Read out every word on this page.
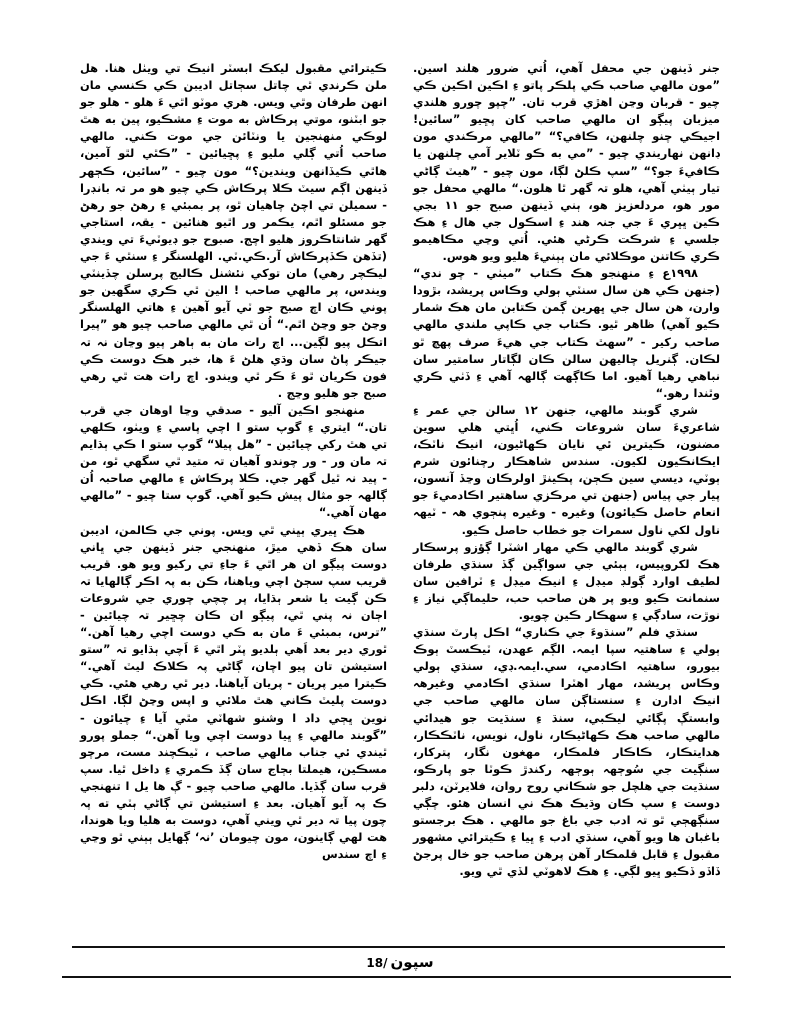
ڪيترائي مقبول ليکڪ ابسٽر انيڪ تي ويٺل هنا. هل ملن ڪرندي ٿي چاتل سڄاتل اديبن ڪي ڪنسي مان انهن طرفان وٿي ويس. هري موٽو اٿي ءَ هلو - هلو جو جو ابٽنو، موتي پرڪاش به موت ءِ مشڪيو، پين به هٿ لوڪي منهنجين يا ونٽائن جي موت ڪني. مالهي صاحب اُتي ڳلي مليو ءِ پڇيائين - ”ڪٿي لٿو آمين، هاٿي ڪيڏانهن ويندين؟“ مون چيو - ”سائين، ڪڄهر ڏينهن اڳم سيٽ ڪلا پرڪاش ڪي چيو هو مر تہ بانڊرا - سميلن تي اچڻ چاهيان ٿو، پر بمبئي ءِ رهڻ جو رهڻ جو مسئلو اٿم، يڪمر ور اٿيو هنائين - يقہ، استاجي گهر شانتاڪروز هليو اچج. صبوح جو ڊيوٽيءَ تي ويندي (تڏهن ڪڏپرڪاش آر.ڪي.ٽي. الهلسنگر ءِ سنٿي ءَ جي ليڪچر رهي) مان توکي نئشنل ڪاليج پرسلن چڏينٽي ويندس، پر مالهي صاحب ! الين ٿي ڪري سگهين جو پوني ڪان اچ صبح جو ٽي آيو آهين ءِ هاتي الهلسنگر وڃڻ جو وڃڻ اٿم.“ اُن ٿي مالهي صاحب چيو هو ”پيرا اتڪل پيو لڳين... اچ رات مان به ٻاهر پيو وڃان نہ تہ جيڪر پاڻ سان وڌي هلڻ ءَ ها، خبر هڪ دوست ڪي فون ڪريان ٿو ءَ ڪر ٿي ويندو. اچ رات هت ٿي رهي صبح جو هليو وڃج .

منهنجو اڪين آليو - صدقي وڃا اوهان جي قرب تان.“ ايتري ءِ گوپ ستو ا اچي پاسي ءِ ويٺو، ڪلهي تي هٿ رکي چيائين - ”هل پيلا“ گوپ ستو ا ڪي ٻڌايم تہ مان ور - ور چوندو آهيان تہ متيد ٿي سگهي ٿو، من - پيد نہ ٿيل گهر جي. ڪلا پرڪاش ءِ مالهي صاحبہ اُن ڳالهہ جو مثال پيش ڪيو آهي. گوپ ستا چيو - ”مالهي مهان آهي.“

هڪ ڀيري ٻڀني ٿي ويس. پوني جي ڪالمن، اديبن سان هڪ ڏهي ميڙ، منهنجي جنر ڏينهن جي ڀاني دوست پيڳو ان هر اٿي ءَ جاءِ تي رکيو ويو هو. قريب قريب سپ سڄڻ اچي وياهنا، ڪن به پہ اڪر ڳالهايا تہ ڪن ڳيت يا شعر ٻڌايا، پر چچي چوري جي شروعات اڄان نہ پني ٿي، پيڳو ان ڪان چڇير تہ چيائين - ”ترس، بمبئي ءَ مان به ڪي دوست اچي رهيا آهن.“ ٿوري دير بعد اَهي ٻلديو پٽر اٿي ءَ اَچي ٻڌايو تہ ”ستو استيشن تان پيو اچان، ڳاڻي پہ ڪلاڪ ليٽ آهي.“ ڪيترا مير پريان - پريان آياهنا. دير ٿي رهي هئي. ڪي دوست پليٽ ڪاني هٿ ملائي و اپس وڃڻ لڳا. اڪل نوين ڀڄي داد ا وشنو شهاٽي مٿي آيا ءِ چيائون - ”گوبند مالهي ءِ ڀيا دوست اچي ويا آهن.“ جملو پورو ٿيندي ئي جناب مالهي صاحب ، ٽيڪچند مست، مرچو مسڪين، هيملتا بڄاج سان ڳڏ ڪمري ءِ داخل ٿيا. سپ قرب سان ڳڏيا. مالهي صاحب چيو - ڳ ها يل ا تنهنجي ڪ پہ آيو آهيان. بعد ءِ استيشن تي ڳاڻي ٻٽي ته پہ چون پيا تہ دير ٿي ويني آهي، دوست به هليا ويا هوندا، هت لهي ڳاينون، مون چيومان ’نہ‘ ڳهايل ٻٻني ٿو وڃي ءِ اچ سندس

جنر ڏينهن جي محفل آهي، اُتي ضرور هلند اسين. ”مون مالهي صاحب ڪي پلڪر پاتو ءِ اڪين اڪين ڪي چيو - قربان وڃن اهڙي قرب تان. ”چپو چورو هلندي ميزبان پيڳو ان مالهي صاحب کان پڇيو ”سائين! اجيڪي چنو چلنهن، ڪافي؟“ ”مالهي مرڪندي مون ڊانهن نهاريندي چيو - ”مي به ڪو ٽلاير آمي چلنهن يا ڪافيءَ جو؟“ ”سپ ڪلڻ لڳا، مون چيو - ”هيٽ ڳاڻي تيار ٻيٺي آهي، هلو تہ گهر ٿا هلون.“ مالهي محفل جو مور هو، مردلعزيز هو، ٻني ڏينهن صبح جو ١١ بجي ڪين ڀڀري ءَ جي جنہ هند ءِ اسڪول جي هال ءِ هڪ جلسي ءِ شرڪت ڪرڻي هئي. اُتي وڃي مڪاهيمو ڪري ڪاتنن موڪلائي مان ٻٻنيءَ هليو ويو هوس.

١٩٩٨ع ءِ منهنجو هڪ ڪتاب ”ميٺي - چو ندي“ (جنهن ڪي هن سال سنٽي ٻولي وڪاس پريشد، بڙودا وارن، هن سال جي ڀهرين ڳمن ڪتابن مان هڪ شمار ڪيو آهي) ظاهر ٿيو. ڪتاب جي ڪاپي ملندي مالهي صاحب رکير - ”سهٿ ڪتاب جي هيءَ صرف پهچ ٿو لڪان. ڳنريل چاليهن سالن ڪان لڳاتار سامتير سان نباهي رهيا آهيو. اما ڪاڳهت ڳالهہ آهي ءِ ڏٺي ڪري وٿندا رهو.“

شري گوبند مالهي، جنهن ١٢ سالن جي عمر ءِ شاعريءَ سان شروعات ڪني، اُڀتي هلي سوين مضنون، ڪيترين ئي نايان ڪهاڻيون، انيڪ ناٽڪ، ايڪانڪيون لکيون. سندس شاهڪار رچنائون شرم ٻوٽي، ديسي سين ڪڄن، پڪينڙ اولرڪان وڃڏ آنسون، پيار جي پياس (جنهن تي مرڪزي ساهتير اڪادميءَ جو انعام حاصل ڪيائون) وغيره - وغيره پنڄوي هہ - ٽيهہ ناول لکي ناول سمرات جو خطاب حاصل ڪيو.

شري گوبند مالهي ڪي مهار اشٽرا ڳؤزو پرسڪار هڪ لکروپيس، ٻٻئي جي سواڳين ڳڏ سنڌي طرفان لطيف اوارد ڳولڊ ميڊل ءِ انيڪ ميڊل ءِ ٽرافين سان سنمانت ڪيو ويو پر هن صاحب حب، حليماڳي نياز ءِ نوڙت، سادڳي ءِ سهڪار ڪين چويو.

سنڌي فلم ”سنڌوءَ جي ڪناري“ اڪل پارٽ سنڌي ٻولي ءِ ساهتيہ سپا ايمہ. الڳم عهدن، ٽيڪسٽ ٻوڪ بيورو، ساهتيہ اڪادمي، سي.ايمہ.ڊي، سنڌي ٻولي وڪاس پريشد، مهار اهٽرا سنڌي اڪادمي وغيرهہ انيڪ ادارن ءِ سنستاڳن سان مالهي صاحب جي وابستڳ پڳائي ليڪبي، سنڌ ءِ سنڌيت جو هيدائي مالهي صاحب هڪ ڪهاڻيڪار، ناول، نويس، ناٽڪڪار، هدايتڪار، ڪاڪار فلمڪار، مهغون نگار، پتركار، سنڳيت جي سُوڄهہ ٻوڄهہ رکندڙ ڪوٽا جو پارڪو، سنڌيت جي هلچل جو شڪاني روح روان، فلايرٽن، دلبر دوست ءِ سپ ڪان وڌيڪ هڪ ني انسان هئو. چڳي سنڳهڄي ٿو تہ ادب جي باغ جو مالهي . هڪ برجستو باغبان ها ويو آهي، سنڌي ادب ءِ ڀيا ءِ ڪيترائي مشهور مقبول ءِ قابل قلمڪار آهن پرهن صاحب جو خال پرجڻ ڏاڏو ڏڪيو ڀيو لڳي. ءِ هڪ لاهوٽي لڏي ٿي ويو.

سپون18/
